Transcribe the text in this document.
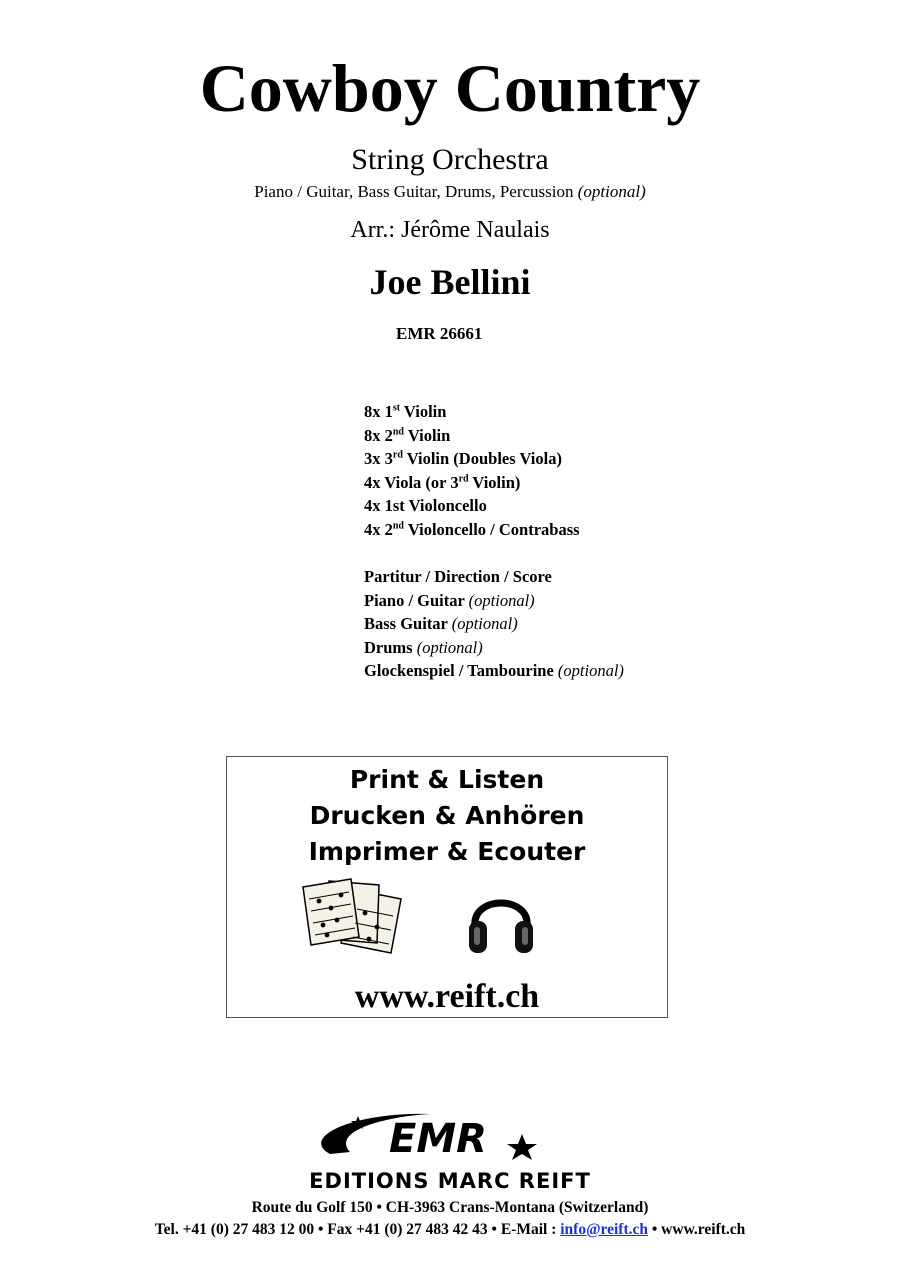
Cowboy Country
String Orchestra
Piano / Guitar, Bass Guitar, Drums, Percussion (optional)
Arr.: Jérôme Naulais
Joe Bellini
EMR 26661
8x 1st Violin
8x 2nd Violin
3x 3rd Violin (Doubles Viola)
4x Viola (or 3rd Violin)
4x 1st Violoncello
4x 2nd Violoncello / Contrabass
Partitur / Direction / Score
Piano / Guitar (optional)
Bass Guitar (optional)
Drums (optional)
Glockenspiel / Tambourine (optional)
Print & Listen
Drucken & Anhören
Imprimer & Ecouter
www.reift.ch
EMR
EDITIONS MARC REIFT
Route du Golf 150 • CH-3963 Crans-Montana (Switzerland)
Tel. +41 (0) 27 483 12 00 • Fax +41 (0) 27 483 42 43 • E-Mail : info@reift.ch • www.reift.ch
